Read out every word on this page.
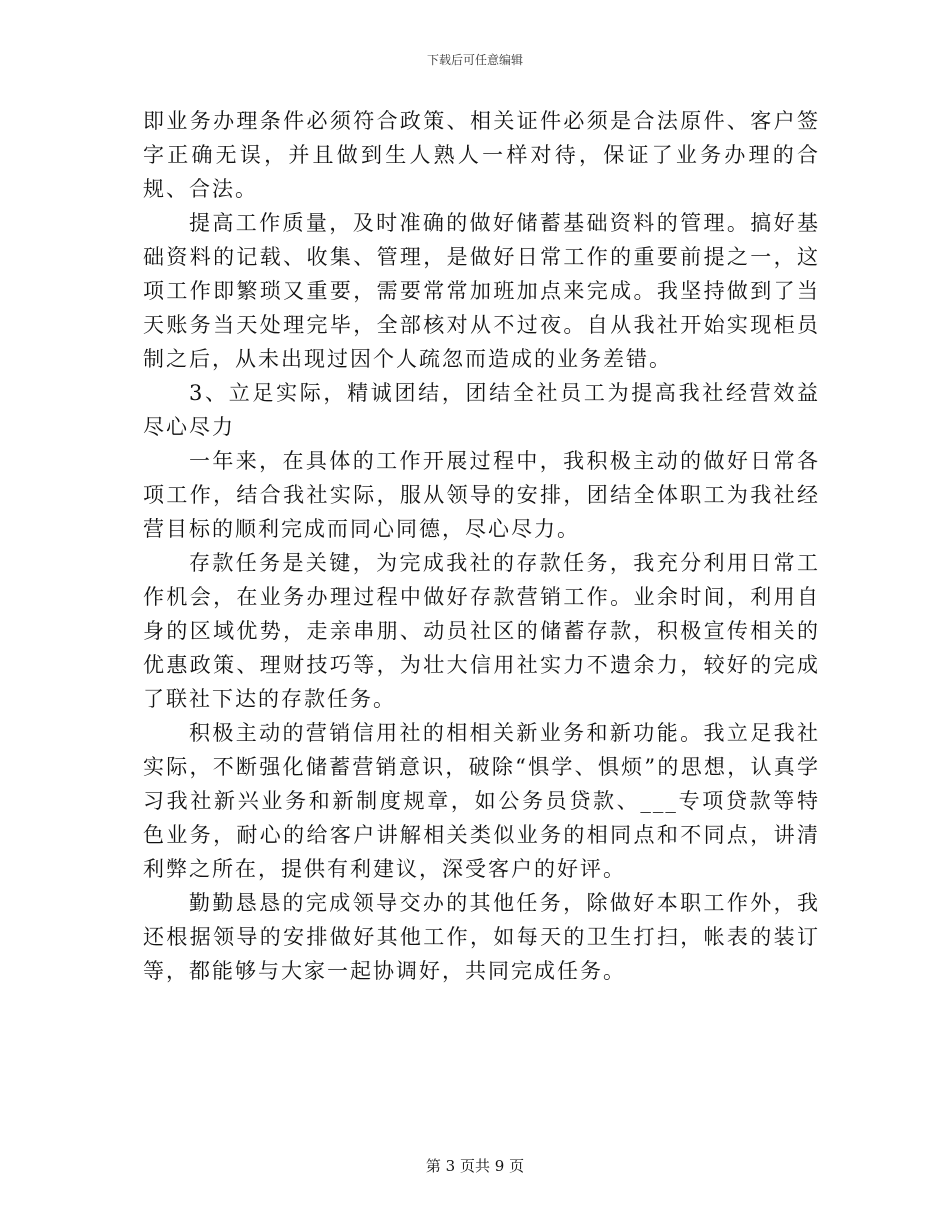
下载后可任意编辑

即业务办理条件必须符合政策、相关证件必须是合法原件、客户签字正确无误，并且做到生人熟人一样对待，保证了业务办理的合规、合法。

提高工作质量，及时准确的做好储蓄基础资料的管理。搞好基础资料的记载、收集、管理，是做好日常工作的重要前提之一，这项工作即繁琐又重要，需要常常加班加点来完成。我坚持做到了当天账务当天处理完毕，全部核对从不过夜。自从我社开始实现柜员制之后，从未出现过因个人疏忽而造成的业务差错。

3、立足实际，精诚团结，团结全社员工为提高我社经营效益尽心尽力

一年来，在具体的工作开展过程中，我积极主动的做好日常各项工作，结合我社实际，服从领导的安排，团结全体职工为我社经营目标的顺利完成而同心同德，尽心尽力。

存款任务是关键，为完成我社的存款任务，我充分利用日常工作机会，在业务办理过程中做好存款营销工作。业余时间，利用自身的区域优势，走亲串朋、动员社区的储蓄存款，积极宣传相关的优惠政策、理财技巧等，为壮大信用社实力不遗余力，较好的完成了联社下达的存款任务。

积极主动的营销信用社的相相关新业务和新功能。我立足我社实际，不断强化储蓄营销意识，破除“惧学、惧烦”的思想，认真学习我社新兴业务和新制度规章，如公务员贷款、___专项贷款等特色业务，耐心的给客户讲解相关类似业务的相同点和不同点，讲清利弊之所在，提供有利建议，深受客户的好评。

勤勤恳恳的完成领导交办的其他任务，除做好本职工作外，我还根据领导的安排做好其他工作，如每天的卫生打扫，帐表的装订等，都能够与大家一起协调好，共同完成任务。

第 3 页共 9 页
